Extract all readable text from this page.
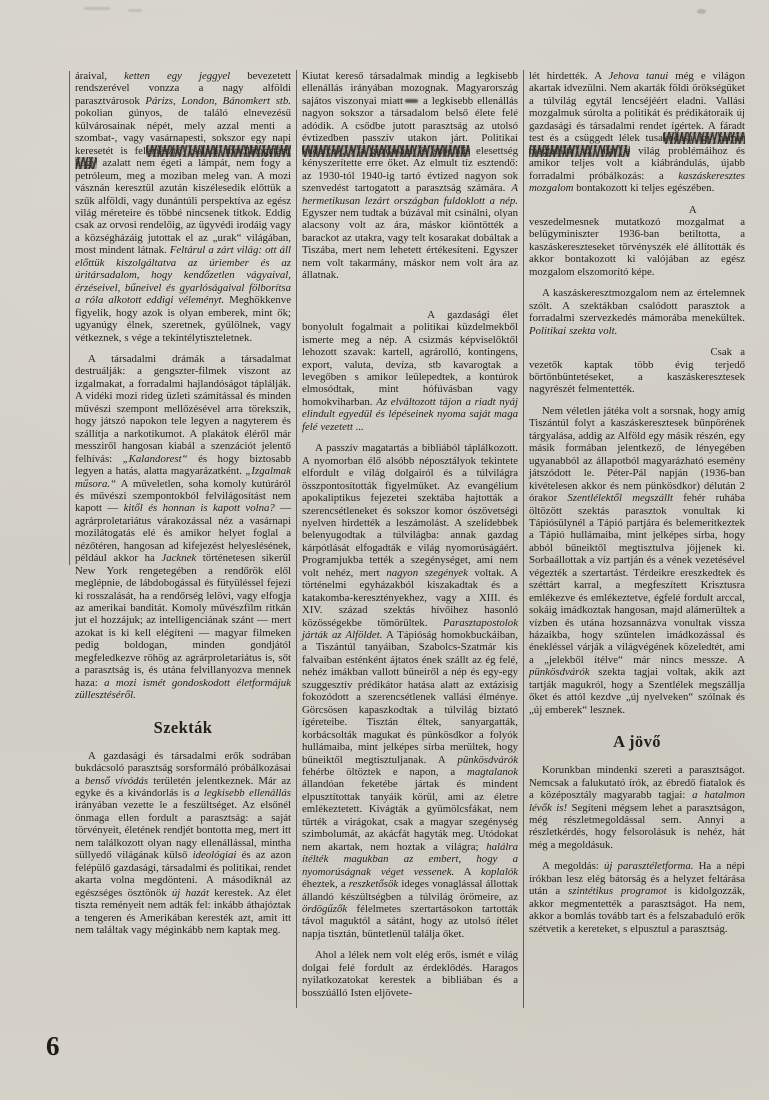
áraival, ketten egy jeggyel bevezetett rendszerével vonzza a nagy alföldi parasztvárosok Párizs, London, Bánomkert stb. pokolian gúnyos, de találó elnevezésű külvárosainak népét, mely azzal menti a szombat-, vagy vasárnapesti, sokszor egy napi keresetét is felemésztő családi mozilátogatást, hogy azalatt nem égeti a lámpát, nem fogy a petróleum, meg a moziban meleg van. A mozi vásznán keresztül azután kiszélesedik előttük a szűk alföldi, vagy dunántúli perspektíva az egész világ méreteire és többé nincsenek titkok. Eddig csak az orvosi rendelőig, az ügyvédi irodáig vagy a községházáig jutottak el az „urak“ világában, most mindent látnak. Feltárul a zárt világ: ott áll előttük kiszolgáltatva az úriember és az úritársadalom, hogy kendőzetlen vágyaival, érzéseivel, bűneivel és gyarlóságaival fölborítsa a róla alkotott eddigi véleményt. Meghökkenve figyelik, hogy azok is olyan emberek, mint ők; ugyanúgy élnek, szeretnek, gyűlölnek, vagy vétkeznek, s vége a tekintélytiszteletnek.

A társadalmi drámák a társadalmat destruálják: a gengszter-filmek viszont az izgalmakat, a forradalmi hajlandóságot táplálják. A vidéki mozi rideg üzleti számítással és minden művészi szempont mellőzésével arra törekszik, hogy játszó napokon tele legyen a nagyterem és szállítja a narkotikumot. A plakátok éléről már messziről hangosan kiabál a szenzációt jelentő felhívás: „Kalandorest“ és hogy biztosabb legyen a hatás, alatta magyarázatként. „Izgalmak műsora.“ A műveletlen, soha komoly kutúráról és művészi szempontokból felvilágosítást nem kapott — kitől és honnan is kapott volna? — agrárproletariátus várakozással néz a vasárnapi mozilátogatás elé és amikor helyet foglal a nézőtéren, hangosan ad kifejezést helyeslésének, például akkor ha Jacknek történetesen sikerül New York rengetegében a rendőrök elől meglépnie, de lábdobogással és fütyüléssel fejezi ki rosszalását, ha a rendőrség lelövi, vagy elfogja az amerikai banditát. Komoly művészfilm ritkán jut el hozzájuk; az intelligenciának szánt — mert azokat is ki kell elégíteni — magyar filmeken pedig boldogan, minden gondjától megfeledkezve röhög az agrárproletariátus is, sőt a parasztság is, és utána felvillanyozva mennek haza: a mozi ismét gondoskodott életformájuk züllesztéséről.

Szekták

A gazdasági és társadalmi erők sodrában bukdácsoló parasztság sorsformáló próbálkozásai a benső vívódás területén jelentkeznek. Már az egyke és a kivándorlás is a legkisebb ellenállás irányában vezette le a feszültséget. Az elsőnél önmaga ellen fordult a parasztság: a saját törvényeit, életének rendjét bontotta meg, mert itt nem találkozott olyan nagy ellenállással, mintha süllyedő világának külső ideológiai és az azon felépülő gazdasági, társadalmi és politikai, rendet akarta volna megdönteni. A másodiknál az egészséges ösztönök új hazát kerestek. Az élet tiszta reményeit nem adták fel: inkább áthajóztak a tengeren és Amerikában keresték azt, amit itt nem találtak vagy méginkább nem kaptak meg.

Kiutat kereső társadalmak mindig a legkisebb ellenállás irányában mozognak. Magyarország sajátos viszonyai miatt a legkisebb ellenállás nagyon sokszor a társadalom belső élete felé adódik. A csődbe jutott parasztság az utolsó évtizedben passzív utakon járt. Politikai kudarcok, s a gazdasági és szociális elesettség kényszerítette erre őket. Az elmult tíz esztendő: az 1930-tól 1940-ig tartó évtized nagyon sok szenvedést tartogatott a parasztság számára. A hermetikusan lezárt országban fuldoklott a nép. Egyszer nem tudtak a búzával mit csinálni, olyan alacsony volt az ára, máskor kiöntötték a barackot az utakra, vagy telt kosarakat dobáltak a Tiszába, mert nem lehetett értékesíteni. Egyszer nem volt takarmány, máskor nem volt ára az állatnak.

A gazdasági élet bonyolult fogalmait a politikai küzdelmekből ismerte meg a nép. A csizmás képviselőktől lehozott szavak: kartell, agrárolló, kontingens, export, valuta, devíza, stb kavarogtak a levegőben s amikor leülepedtek, a kontúrok elmosódtak, mint hófúvásban vagy homokviharban. Az elváltozott tájon a riadt nyáj elindult egyedül és lépéseinek nyoma saját maga felé vezetett ...

A passzív magatartás a bibliából táplálkozott. A nyomorban élő alsóbb néposztályok tekintete elfordult e világ dolgairól és a túlvilágra összpontosították figyelmüket. Az evangélium apokaliptikus fejezetei szektába hajtották a szerencsétleneket és sokszor komor ószövetségi nyelven hirdették a leszámolást. A szelídebbek belenyugodtak a túlvilágba: annak gazdag kárpótlását elfogadták e világ nyomorúságáért. Programjukba tették a szegénységet, ami nem volt nehéz, mert nagyon szegények voltak. A történelmi egyházakból kiszakadtak és a katakomba-keresztényekhez, vagy a XIII. és XIV. század szektás hívőihez hasonló közösségekbe tömörültek. Parasztapostolok járták az Alföldet. A Tápióság homokbuckáiban, a Tiszántúl tanyáiban, Szabolcs-Szatmár kis falvaiban esténként ájtatos ének szállt az ég felé, nehéz imákban vallott bűneiről a nép és egy-egy szuggesztív prédikátor hatása alatt az extázisig fokozódott a szerencsétlenek vallási élménye. Görcsösen kapaszkodtak a túlvilág biztató ígéreteibe. Tisztán éltek, sanyargatták, korbácsolták magukat és pünkösdkor a folyók hullámaiba, mint jelképes sírba merültek, hogy bűneiktől megtisztuljanak. A pünkösdvárók fehérbe öltöztek e napon, a magtalanok állandóan feketébe jártak és mindent elpusztítottak tanyáik körül, ami az életre emlékeztetett. Kivágták a gyümölcsfákat, nem tűrték a virágokat, csak a magyar szegénység szimbolumát, az akácfát hagyták meg. Utódokat nem akartak, nem hoztak a világra; halálra ítélték magukban az embert, hogy a nyomorúságnak véget vessenek. A koplalók éheztek, a reszketősök ideges vonaglással állottak állandó készültségben a túlvilág örömeire, az ördögűzők félelmetes szertartásokon tartották távol maguktól a sátánt, hogy az utolsó ítélet napja tisztán, büntetlenül találja őket.

Ahol a lélek nem volt elég erős, ismét e világ dolgai felé fordult az érdeklődés. Haragos nyilatkozatokat kerestek a bibliában és a bosszúálló Isten eljövete-

lét hirdették. A Jehova tanui még e világon akartak idvezülni. Nem akarták földi örökségüket a túlvilág egytál lencséjéért eladni. Vallási mozgalmuk súrolta a politikát és prédikátoraik új gazdasági és társadalmi rendet ígértek. A fáradt test és a csüggedt lélek tusakodása így hamar megtalálta az utat e világ problémáihoz és amikor teljes volt a kiábrándulás, újabb forradalmi próbálkozás: a kaszáskeresztes mozgalom bontakozott ki teljes egészében.

A veszedelmesnek mutatkozó mozgalmat a belügyminiszter 1936-ban betiltotta, a kaszáskereszteseket törvényszék elé állították és akkor bontakozott ki valójában az egész mozgalom elszomorító képe.

A kaszáskeresztmozgalom nem az értelemnek szólt. A szektákban csalódott parasztok a forradalmi szervezkedés mámorába menekültek. Politikai szekta volt.

Csak a vezetők kaptak több évig terjedő börtönbüntetéseket, a kaszáskeresztesek nagyrészét felmentették.

Nem véletlen játéka volt a sorsnak, hogy amíg Tiszántúl folyt a kaszáskeresztesek bűnpörének tárgyalása, addig az Alföld egy másik részén, egy másik formában jelentkező, de lényegében ugyanabból az állapotból magyarázható esemény játszódott le. Péter-Pál napján (1936-ban kivételesen akkor és nem pünkösdkor) délután 2 órakor Szentlélektől megszállt fehér ruhába öltözött szektás parasztok vonultak ki Tápiósülynél a Tápió partjára és belemerítkeztek a Tápió hullámaiba, mint jelképes sírba, hogy abból bűneiktől megtisztulva jöjjenek ki. Sorbaállottak a víz partján és a vének vezetésével végezték a szertartást. Térdeikre ereszkedtek és széttárt karral, a megfeszített Krisztusra emlékezve és emlékeztetve, égfelé fordult arccal, sokáig imádkoztak hangosan, majd alámerültek a vízben és utána hozsannázva vonultak vissza házaikba, hogy szűntelen imádkozással és énekléssel várják a világvégének közeledtét, ami a „jelekből ítélve“ már nincs messze. A pünkösdvárók szekta tagjai voltak, akik azt tartják magukról, hogy a Szentlélek megszállja őket és attól kezdve „új nyelveken“ szólnak és „új emberek“ lesznek.

A jövő

Korunkban mindenki szereti a parasztságot. Nemcsak a falukutató írók, az ébredő fiatalok és a középosztály magyarabb tagjai: a hatalmon lévők is! Segíteni mégsem lehet a parasztságon, még részletmegoldással sem. Annyi a részletkérdés, hogy felsorolásuk is nehéz, hát még a megoldásuk.

A megoldás: új parasztéletforma. Ha a népi írókban lesz elég bátorság és a helyzet feltárása után a szintétikus programot is kidolgozzák, akkor megmentették a parasztságot. Ha nem, akkor a bomlás tovább tart és a felszabaduló erők szétvetik a kereteket, s elpusztul a parasztság.

6
